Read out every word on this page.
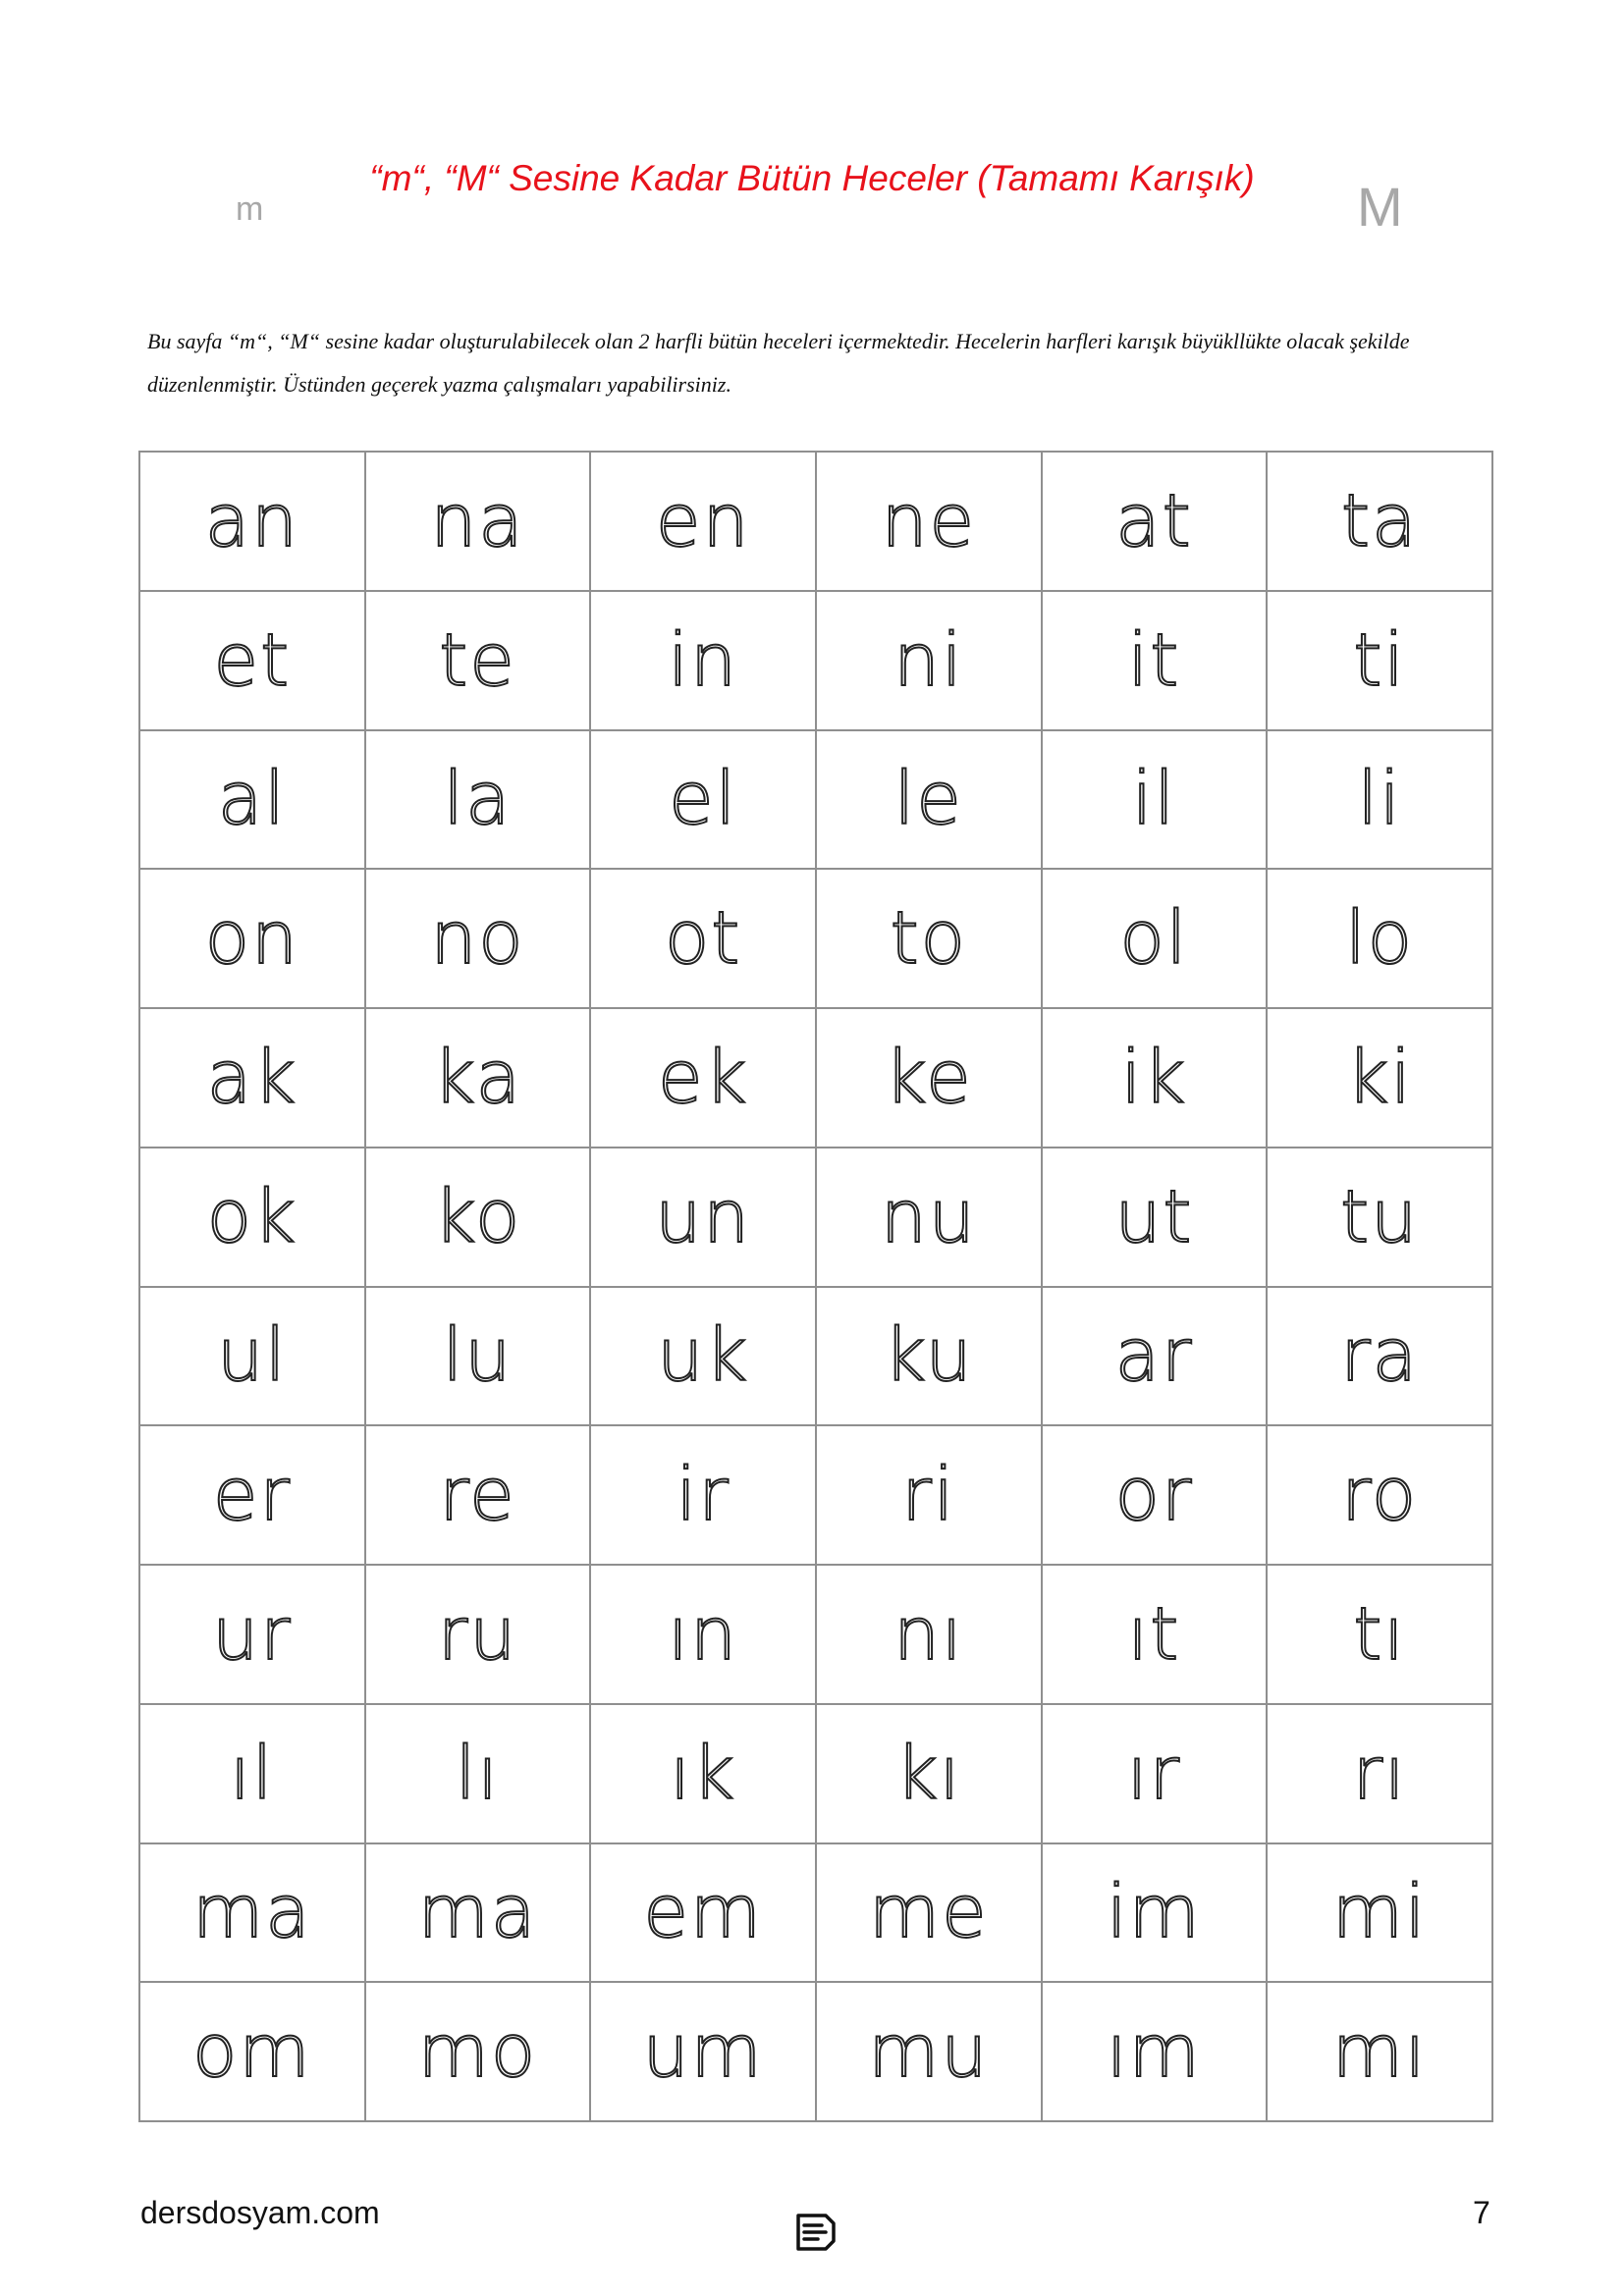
m
“m“, “M“ Sesine Kadar Bütün Heceler (Tamamı Karışık) M
Bu sayfa “m“, “M“ sesine kadar oluşturulabilecek olan 2 harfli bütün heceleri içermektedir. Hecelerin harfleri karışık büyükllükte olacak şekilde düzenlenmiştir. Üstünden geçerek yazma çalışmaları yapabilirsiniz.
an	na	en	ne	at	ta
et	te	in	ni	it	ti
al	la	el	le	il	li
on	no	ot	to	ol	lo
ak	ka	ek	ke	ik	ki
ok	ko	un	nu	ut	tu
ul	lu	uk	ku	ar	ra
er	re	ir	ri	or	ro
ur	ru	ın	nı	ıt	tı
ıl	lı	ık	kı	ır	rı
ma	ma	em	me	im	mi
om	mo	um	mu	ım	mı
dersdosyam.com	7
